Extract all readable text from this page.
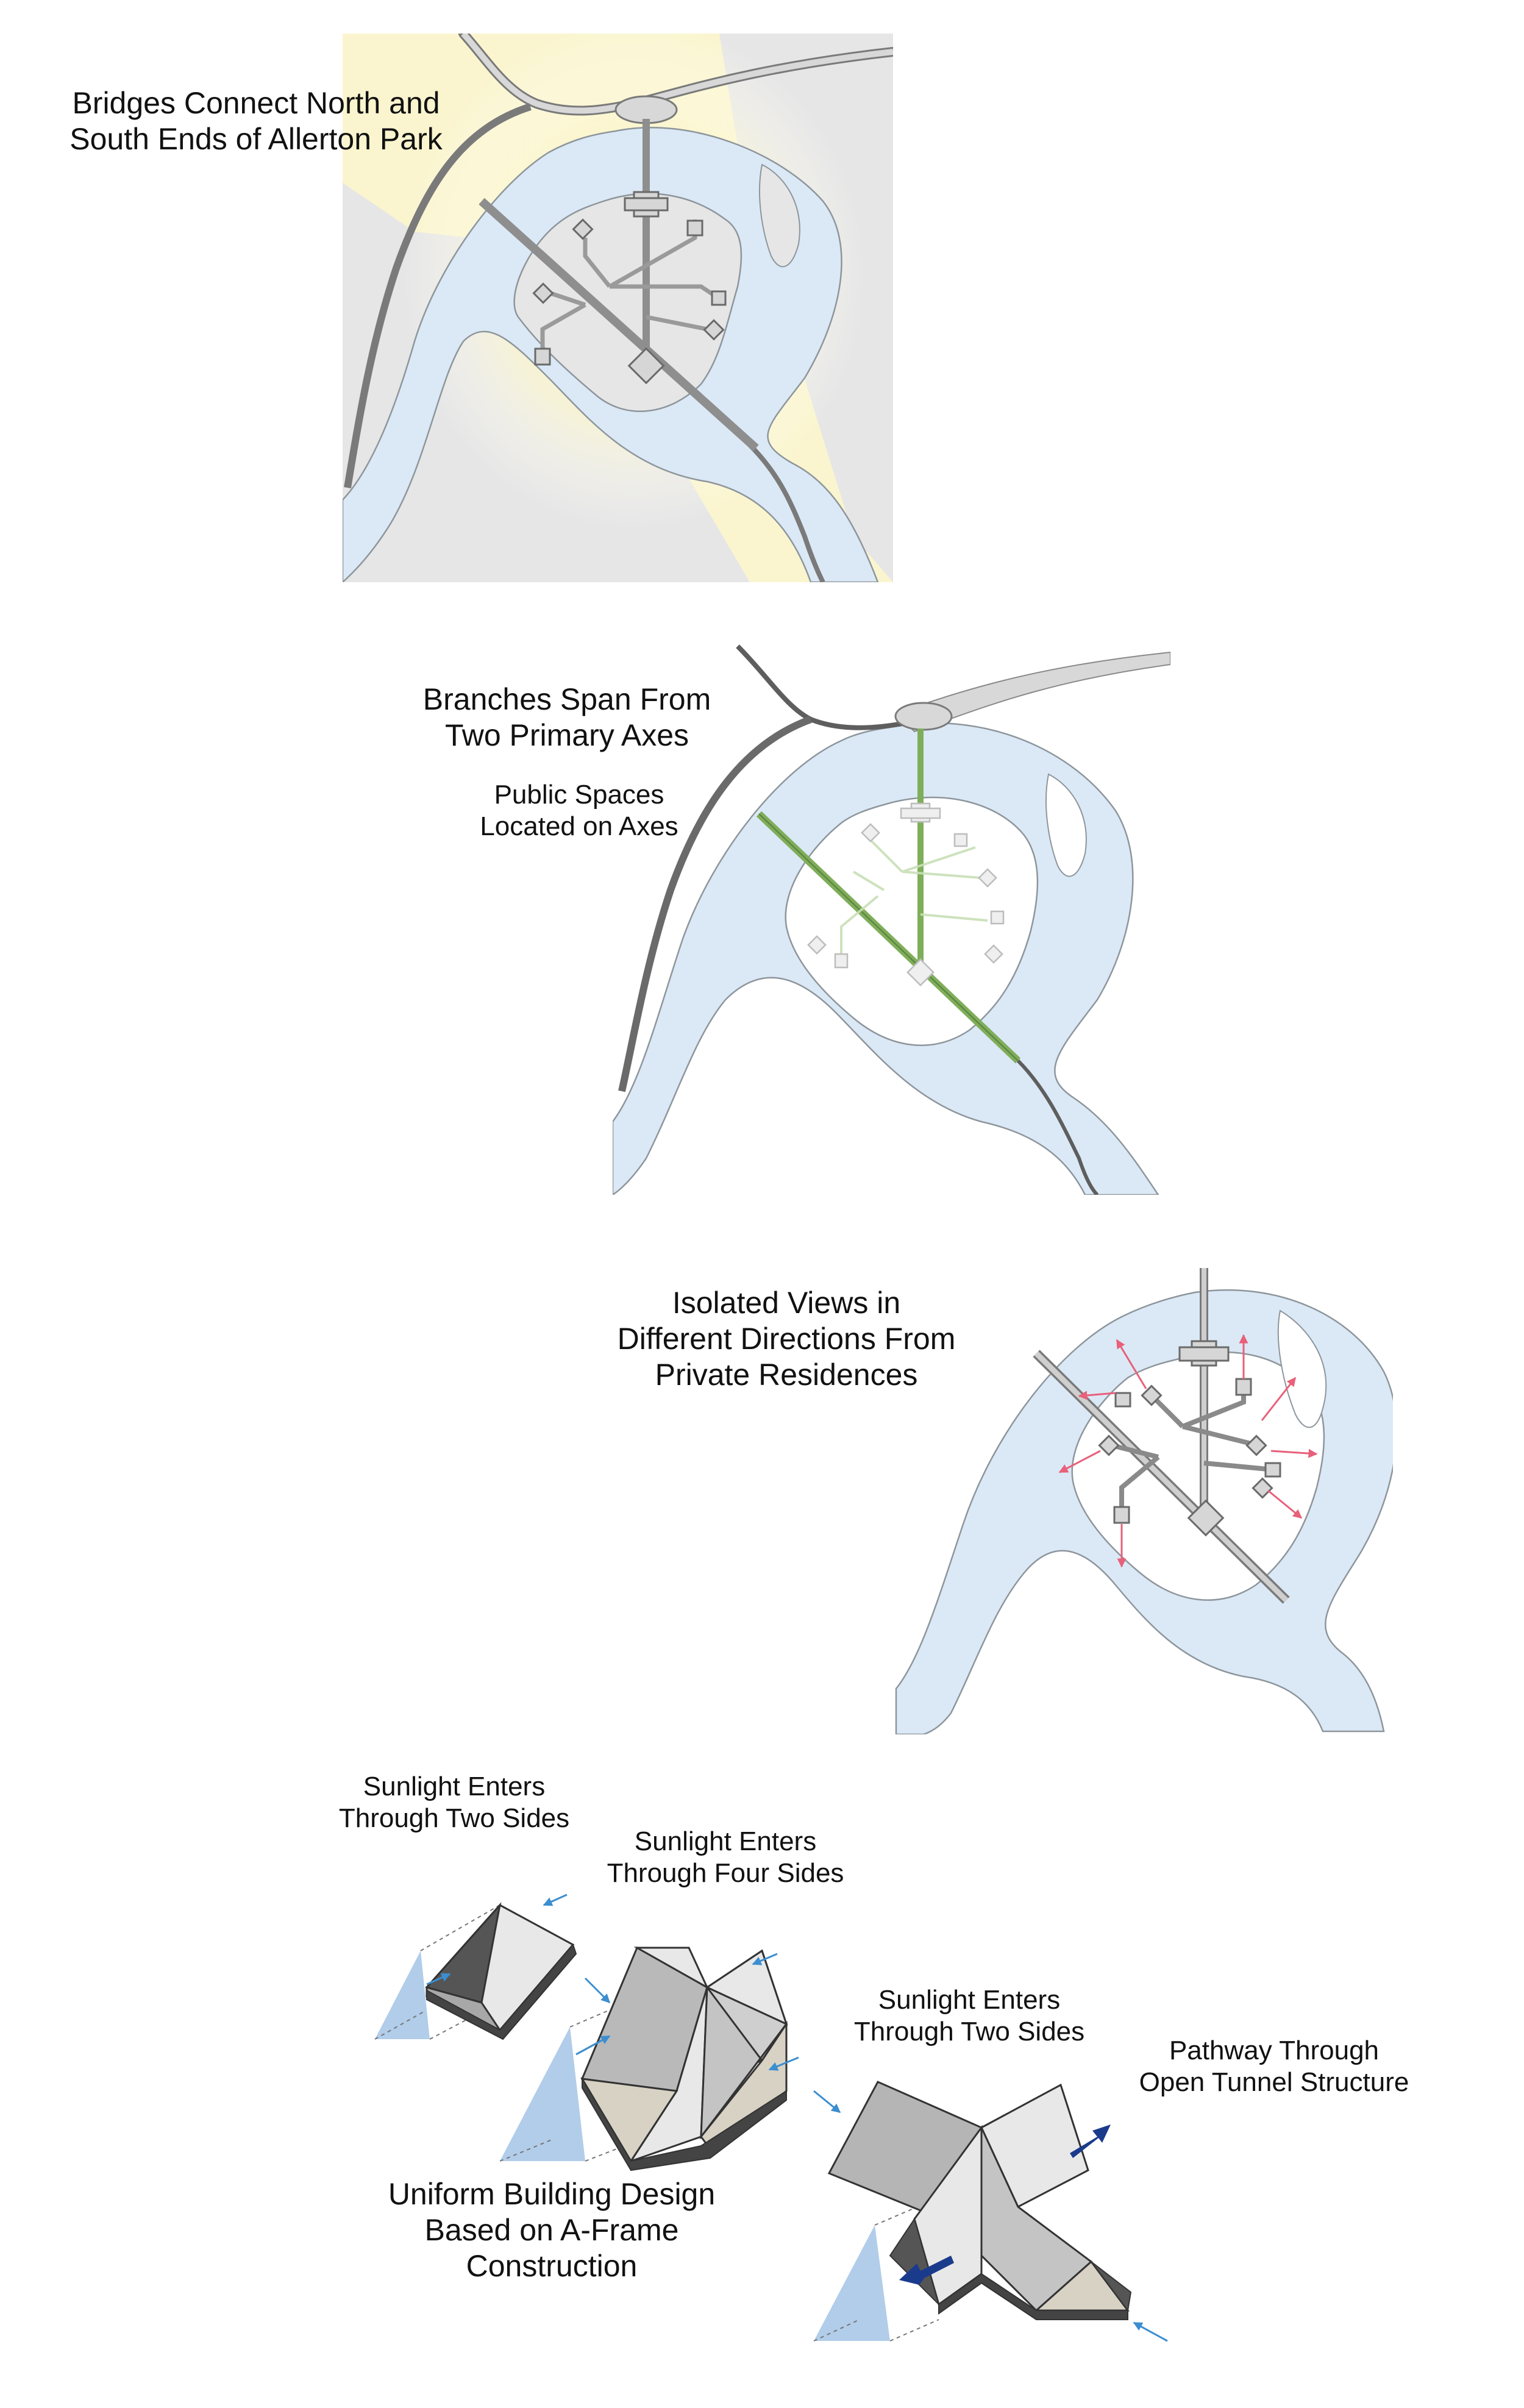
Bridges Connect North and
South Ends of Allerton Park
Branches Span From
Two Primary Axes
Public Spaces
Located on Axes
Isolated Views in
Different Directions From
Private Residences
Sunlight Enters
Through Two Sides
Sunlight Enters
Through Four Sides
Sunlight Enters
Through Two Sides
Pathway Through
Open Tunnel Structure
Uniform Building Design
Based on A-Frame
Construction
